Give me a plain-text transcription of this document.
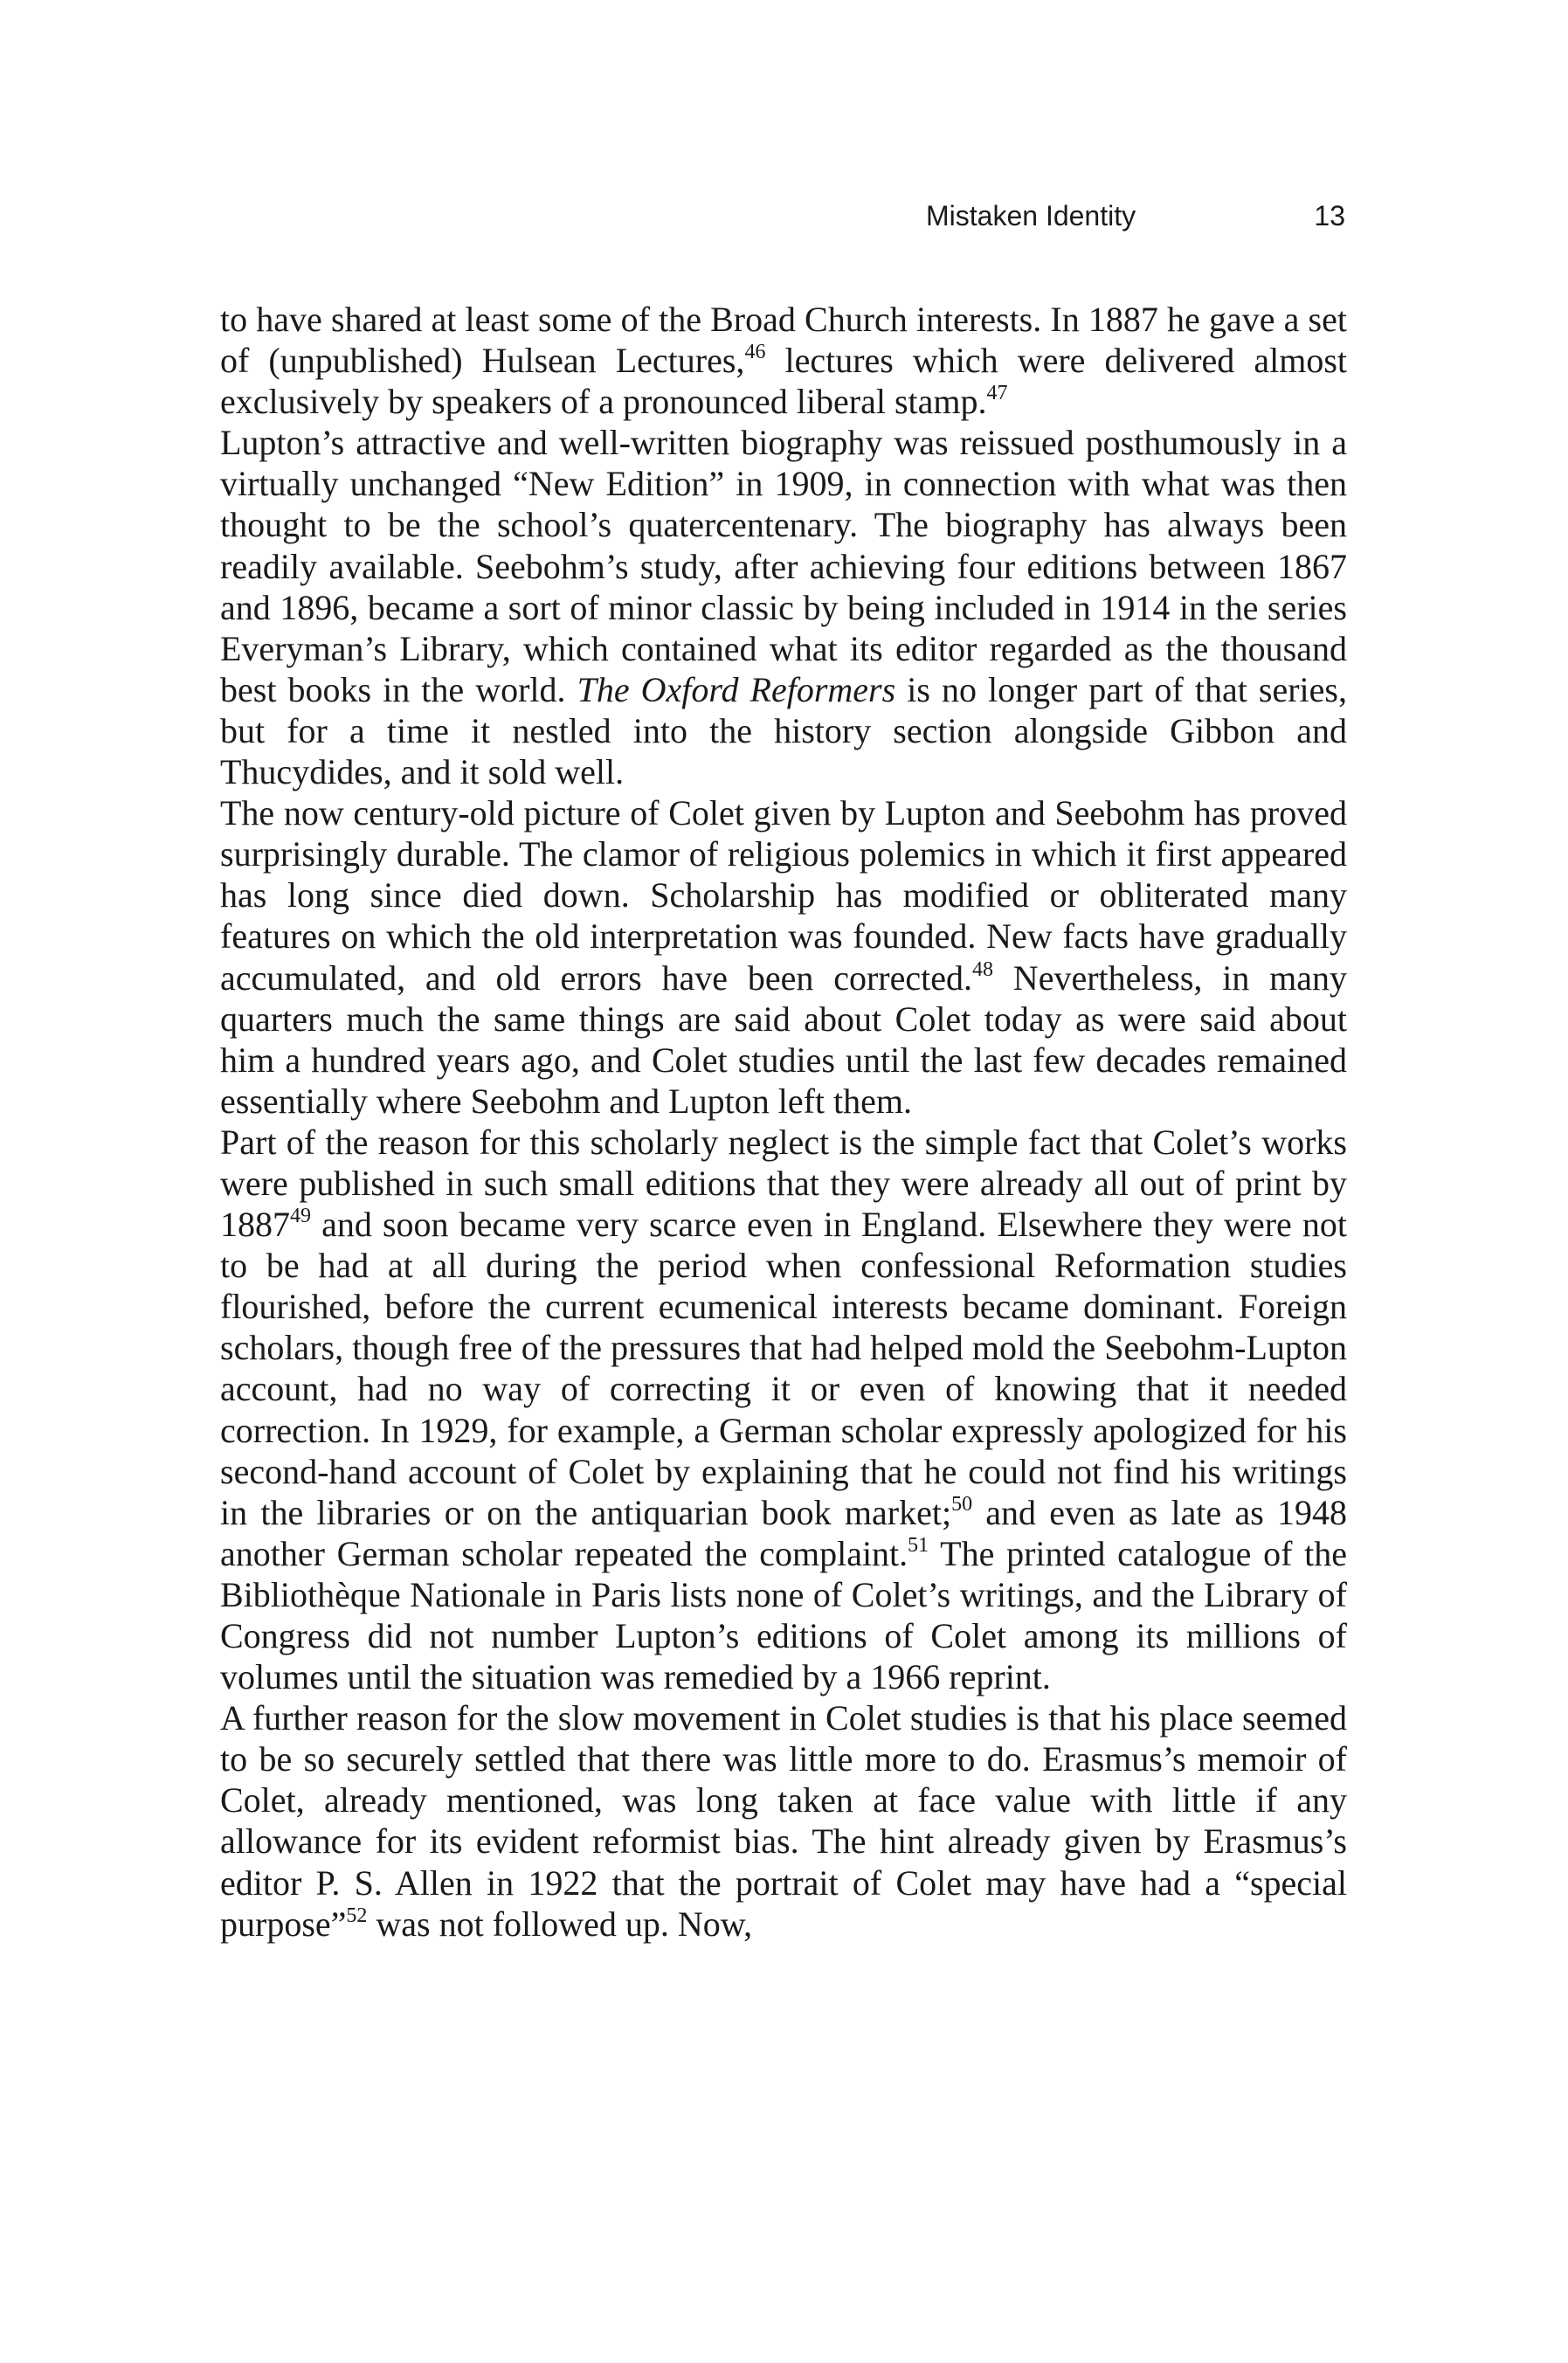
Mistaken Identity	13

to have shared at least some of the Broad Church interests. In 1887 he gave a set of (unpublished) Hulsean Lectures,$^{46}$ lectures which were delivered almost exclusively by speakers of a pronounced liberal stamp.$^{47}$

Lupton’s attractive and well-written biography was reissued posthumously in a virtually unchanged “New Edition” in 1909, in connection with what was then thought to be the school’s quatercentenary. The biography has always been readily available. Seebohm’s study, after achieving four editions between 1867 and 1896, became a sort of minor classic by being included in 1914 in the series Everyman’s Library, which contained what its editor regarded as the thousand best books in the world. The Oxford Reformers is no longer part of that series, but for a time it nestled into the history section alongside Gibbon and Thucydides, and it sold well.

The now century-old picture of Colet given by Lupton and Seebohm has proved surprisingly durable. The clamor of religious polemics in which it first appeared has long since died down. Scholarship has modified or obliterated many features on which the old interpretation was founded. New facts have gradually accumulated, and old errors have been corrected.$^{48}$ Nevertheless, in many quarters much the same things are said about Colet today as were said about him a hundred years ago, and Colet studies until the last few decades remained essentially where Seebohm and Lupton left them.

Part of the reason for this scholarly neglect is the simple fact that Colet’s works were published in such small editions that they were already all out of print by 1887$^{49}$ and soon became very scarce even in England. Elsewhere they were not to be had at all during the period when confessional Reformation studies flourished, before the current ecumenical interests became dominant. Foreign scholars, though free of the pressures that had helped mold the Seebohm-Lupton account, had no way of correcting it or even of knowing that it needed correction. In 1929, for example, a German scholar expressly apologized for his second-hand account of Colet by explaining that he could not find his writings in the libraries or on the antiquarian book market;$^{50}$ and even as late as 1948 another German scholar repeated the complaint.$^{51}$ The printed catalogue of the Bibliothèque Nationale in Paris lists none of Colet’s writings, and the Library of Congress did not number Lupton’s editions of Colet among its millions of volumes until the situation was remedied by a 1966 reprint.

A further reason for the slow movement in Colet studies is that his place seemed to be so securely settled that there was little more to do. Erasmus’s memoir of Colet, already mentioned, was long taken at face value with little if any allowance for its evident reformist bias. The hint already given by Erasmus’s editor P. S. Allen in 1922 that the portrait of Colet may have had a “special purpose”$^{52}$ was not followed up. Now,
